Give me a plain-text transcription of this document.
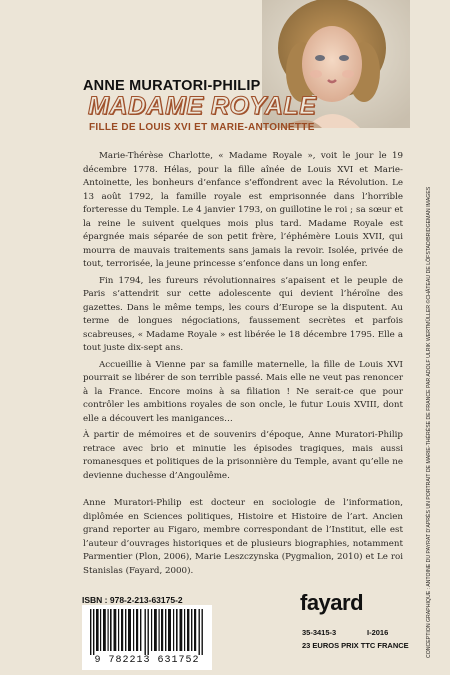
ANNE MURATORI-PHILIP
MADAME ROYALE
FILLE DE LOUIS XVI ET MARIE-ANTOINETTE

Marie-Thérèse Charlotte, « Madame Royale », voit le jour le 19 décembre 1778. Hélas, pour la fille aînée de Louis XVI et Marie-Antoinette, les bonheurs d’enfance s’effondrent avec la Révolution. Le 13 août 1792, la famille royale est emprisonnée dans l’horrible forteresse du Temple. Le 4 janvier 1793, on guillotine le roi ; sa sœur et la reine le suivent quelques mois plus tard. Madame Royale est épargnée mais séparée de son petit frère, l’éphémère Louis XVII, qui mourra de mauvais traitements sans jamais la revoir. Isolée, privée de tout, terrorisée, la jeune princesse s’enfonce dans un long enfer.

Fin 1794, les fureurs révolutionnaires s’apaisent et le peuple de Paris s’attendrit sur cette adolescente qui devient l’héroïne des gazettes. Dans le même temps, les cours d’Europe se la disputent. Au terme de longues négociations, faussement secrètes et parfois scabreuses, « Madame Royale » est libérée le 18 décembre 1795. Elle a tout juste dix-sept ans.

Accueillie à Vienne par sa famille maternelle, la fille de Louis XVI pourrait se libérer de son terrible passé. Mais elle ne veut pas renoncer à la France. Encore moins à sa filiation ! Ne serait-ce que pour contrôler les ambitions royales de son oncle, le futur Louis XVIII, dont elle a découvert les manigances…

À partir de mémoires et de souvenirs d’époque, Anne Muratori-Philip retrace avec brio et minutie les épisodes tragiques, mais aussi romanesques et politiques de la prisonnière du Temple, avant qu’elle ne devienne duchesse d’Angoulême.

Anne Muratori-Philip est docteur en sociologie de l’information, diplômée en Sciences politiques, Histoire et Histoire de l’art. Ancien grand reporter au Figaro, membre correspondant de l’Institut, elle est l’auteur d’ouvrages historiques et de plusieurs biographies, notamment Parmentier (Plon, 2006), Marie Leszczynska (Pygmalion, 2010) et Le roi Stanislas (Fayard, 2000).	CONCEPTION GRAPHIQUE : ANTOINE DU PAYRAT D’APRÈS UN PORTRAIT DE MARIE-THÉRÈSE DE FRANCE PAR ADOLF ULRIK WERTMÜLLER ©CHÂTEAU DE LÖFSTAD/BRIDGEMAN IMAGES
ISBN : 978-2-213-63175-2
9 782213 631752
fayard
35-3415-3	I-2016
23 EUROS PRIX TTC FRANCE
